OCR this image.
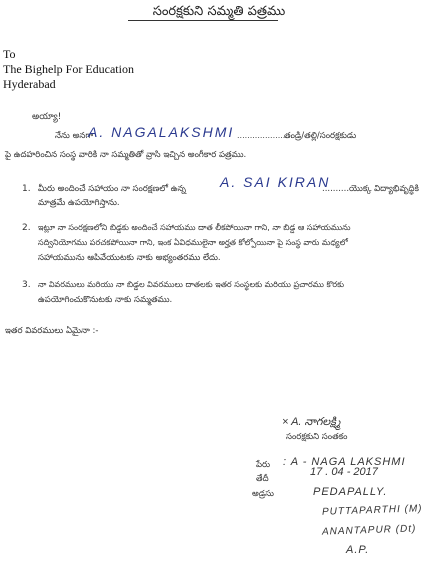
సంరక్షకుని సమ్మతి పత్రము
To
The Bighelp For Education
Hyderabad
అయ్యా!
నేను అనగా
A. NAGALAKSHMI ......................
తండ్రి/తల్లి/సంరక్షకుడు
పై ఉదహరించిన సంస్థ వారికి నా సమ్మతితో వ్రాసి ఇచ్చిన అంగీకార పత్రము.
1. మీరు అందించే సహాయం నా సంరక్షణలో ఉన్న A. SAI KIRAN
..........యొక్క విద్యాభివృద్ధికి
మాత్రమే ఉపయోగిస్తాను.
2. ఇట్లూ నా సంరక్షణలోని బిడ్డకు అందించే సహాయము దాత లీకపోయినా గాని, నా బిడ్డ ఆ సహాయమును
సద్వినియోగము పరచకపోయినా గాని, ఇంక ఏవిధములైనా అర్హత కోల్పోయినా పై సంస్థ వారు మధ్యలో
సహాయమును ఆపివేయుటకు నాకు అభ్యంతరము లేదు.
3. నా వివరములు మరియు నా బిడ్డల వివరములు దాతలకు ఇతర సంస్థలకు మరియు ప్రచారము కొరకు
ఉపయోగించుకొనుటకు నాకు సమ్మతము.
ఇతర వివరములు ఏమైనా :-
× A. నాగలక్ష్మి
సంరక్షకుని సంతకం
పేరు : A - NAGA LAKSHMI
తేదీ
17 . 04 - 2017
అడ్రసు	PEDAPALLY.
PUTTAPARTHI (M)
ANANTAPUR (Dt)
A.P.
